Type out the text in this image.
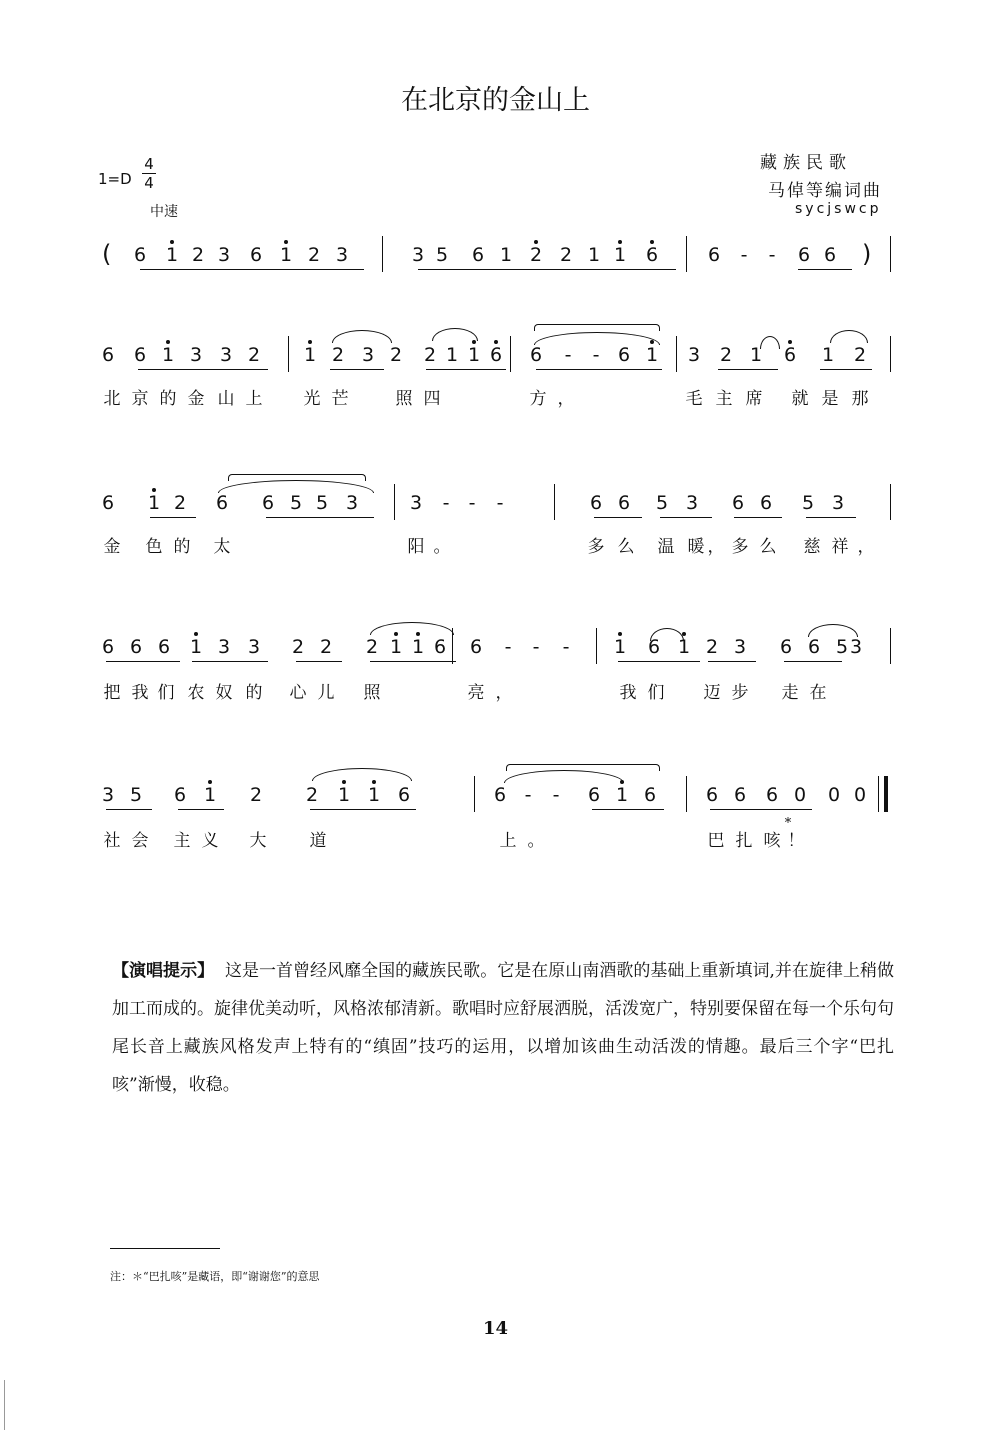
在北京的金山上
藏族民歌
马倬等编词曲
sycjswcp
1=D
4
4
中速
6 1 2 3 6 1 2 3	3 5 6 1 2 2 1 1 6	6	-	-	6 6
(	)
6 6 1 3 3 2 1 2 3 2 2 1 1 6 6	-	- 6 1 3 2 1 6 1 2
6 1 2 6 6 5 5 3	3	-	-	-	6 6 5 3 6 6 5 3
6 6 6 1 3 3 2 2 2 1 1 6 6	-	-	-	1 6 1 2 3 6 6 5 3
3 5 6 1 2 2 1 1 6	6 -	-	6 1 6	6 6 6 0 0 0
北 京 的 金 山 上 光 芒	照 四	方 ，	毛 主 席 就 是 那
金 色 的 太	阳 。	多 么 温 暖 ， 多 么 慈 祥 ，
把 我 们 农 奴 的 心 儿 照	亮 ，	我 们 迈 步 走 在
社 会 主 义 大	道	上 。	巴 扎 咳
*
！
【演唱提示】 这是一首曾经风靡全国的藏族民歌。它是在原山南酒歌的基础上重新填词,并在旋律上稍做加工而成的。旋律优美动听，风格浓郁清新。歌唱时应舒展洒脱，活泼宽广，特别要保留在每一个乐句句尾长音上藏族风格发声上特有的“缜固”技巧的运用，以增加该曲生动活泼的情趣。最后三个字“巴扎咳”渐慢，收稳。
注：＊“巴扎咳”是藏语，即“谢谢您”的意思
14
